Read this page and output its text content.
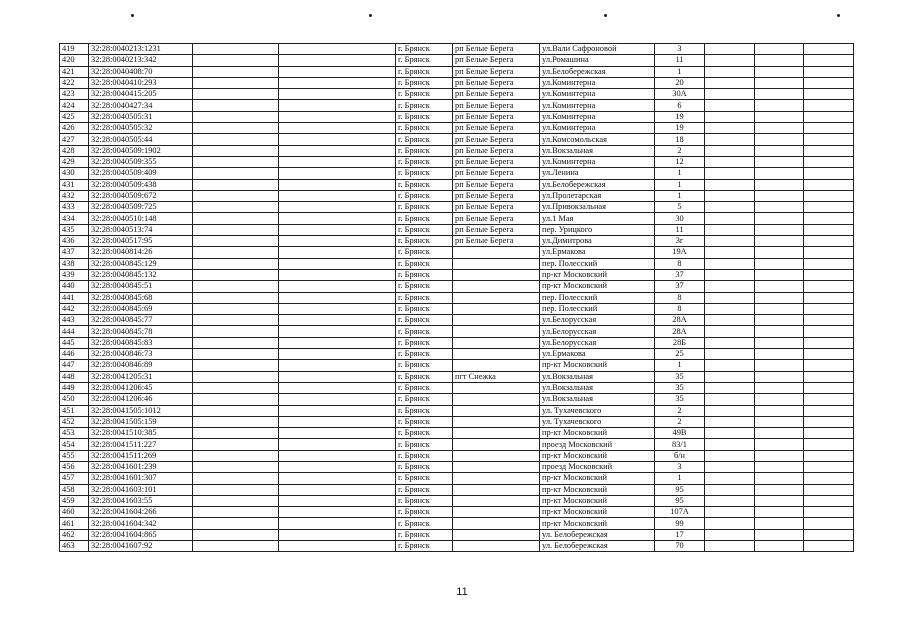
419	32:28:0040213:1231			г. Брянск	рп Белые Берега	ул.Вали Сафроновой	3			
420	32:28:0040213:342			г. Брянск	рп Белые Берега	ул.Ромашина	11			
421	32:28:0040408:70			г. Брянск	рп Белые Берега	ул.Белобережская	1			
422	32:28:0040410:293			г. Брянск	рп Белые Берега	ул.Коминтерна	20			
423	32:28:0040415:205			г. Брянск	рп Белые Берега	ул.Коминтерна	30А			
424	32:28:0040427:34			г. Брянск	рп Белые Берега	ул.Коминтерна	6			
425	32:28:0040505:31			г. Брянск	рп Белые Берега	ул.Коминтерна	19			
426	32:28:0040505:32			г. Брянск	рп Белые Берега	ул.Коминтерна	19			
427	32:28:0040505:44			г. Брянск	рп Белые Берега	ул.Комсомольская	18			
428	32:28:0040509:1902			г. Брянск	рп Белые Берега	ул.Вокзальная	2			
429	32:28:0040509:355			г. Брянск	рп Белые Берега	ул.Коминтерна	12			
430	32:28:0040509:409			г. Брянск	рп Белые Берега	ул.Ленина	1			
431	32:28:0040509:438			г. Брянск	рп Белые Берега	ул.Белобережская	1			
432	32:28:0040509:672			г. Брянск	рп Белые Берега	ул.Пролетарская	1			
433	32:28:0040509:725			г. Брянск	рп Белые Берега	ул.Привокзальная	5			
434	32:28:0040510:148			г. Брянск	рп Белые Берега	ул.1 Мая	30			
435	32:28:0040513:74			г. Брянск	рп Белые Берега	пер. Урицкого	11			
436	32:28:0040517:95			г. Брянск	рп Белые Берега	ул.Димитрова	3г			
437	32:28:0040814:26			г. Брянск		ул.Ермакова	19А			
438	32:28:0040845:129			г. Брянск		пер. Полесский	8			
439	32:28:0040845:132			г. Брянск		пр-кт Московский	37			
440	32:28:0040845:51			г. Брянск		пр-кт Московский	37			
441	32:28:0040845:68			г. Брянск		пер. Полесский	8			
442	32:28:0040845:69			г. Брянск		пер. Полесский	8			
443	32:28:0040845:77			г. Брянск		ул.Белорусская	28А			
444	32:28:0040845:78			г. Брянск		ул.Белорусская	28А			
445	32:28:0040845:83			г. Брянск		ул.Белорусская	28Б			
446	32:28:0040846:73			г. Брянск		ул.Ермакова	25			
447	32:28:0040846:89			г. Брянск		пр-кт Московский	1			
448	32:28:0041205:31			г. Брянск	пгт Снежка	ул.Вокзальная	35			
449	32:28:0041206:45			г. Брянск		ул.Вокзальная	35			
450	32:28:0041206:46			г. Брянск		ул.Вокзальная	35			
451	32:28:0041505:1012			г. Брянск		ул. Тухачевского	2			
452	32:28:0041505:159			г. Брянск		ул. Тухачевского	2			
453	32:28:0041510:385			г. Брянск		пр-кт Московский	49В			
454	32:28:0041511:227			г. Брянск		проезд Московский	83/1			
455	32:28:0041511:269			г. Брянск		пр-кт Московский	б/н			
456	32:28:0041601:239			г. Брянск		проезд Московский	3			
457	32:28:0041601:307			г. Брянск		пр-кт Московский	1			
458	32:28:0041603:101			г. Брянск		пр-кт Московский	95			
459	32:28:0041603:55			г. Брянск		пр-кт Московский	95			
460	32:28:0041604:266			г. Брянск		пр-кт Московский	107А			
461	32:28:0041604:342			г. Брянск		пр-кт Московский	99			
462	32:28:0041604:865			г. Брянск		ул. Белобережская	17			
463	32:28:0041607:92			г. Брянск		ул. Белобережская	70			
11
